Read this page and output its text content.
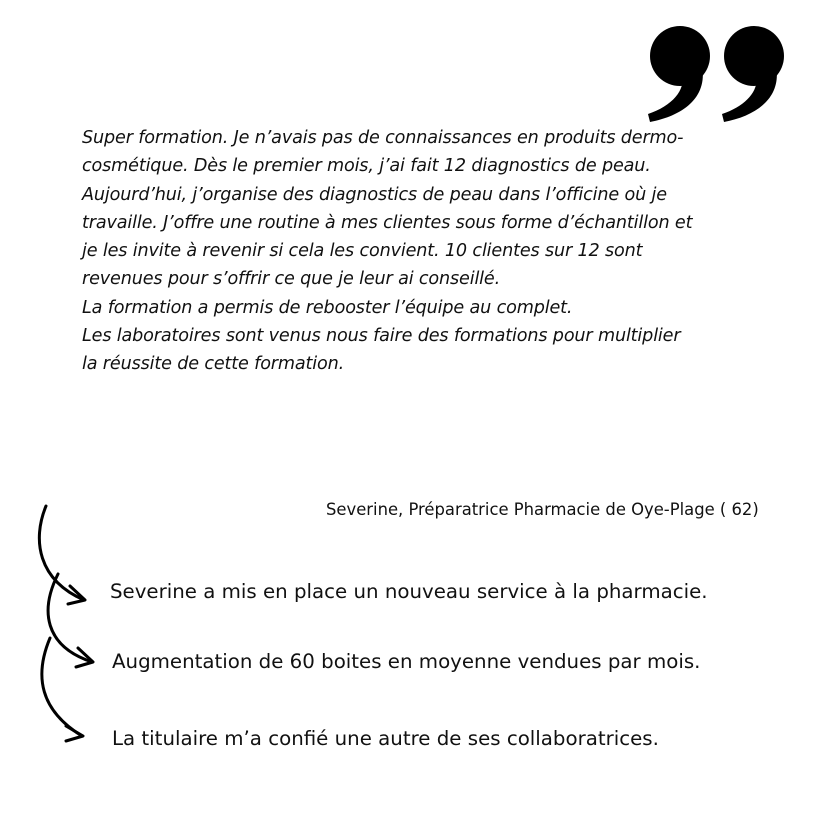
Super formation. Je n’avais pas de connaissances en produits dermo-
cosmétique. Dès le premier mois, j’ai fait 12 diagnostics de peau.
Aujourd’hui, j’organise des diagnostics de peau dans l’officine où je
travaille. J’offre une routine à mes clientes sous forme d’échantillon et
je les invite à revenir si cela les convient. 10 clientes sur 12 sont
revenues pour s’offrir ce que je leur ai conseillé.
La formation a permis de rebooster l’équipe au complet.
Les laboratoires sont venus nous faire des formations pour multiplier
la réussite de cette formation.
Severine, Préparatrice Pharmacie de Oye-Plage ( 62)
Severine a mis en place un nouveau service à la pharmacie.
Augmentation de 60 boites en moyenne vendues par mois.
La titulaire m’a confié une autre de ses collaboratrices.
